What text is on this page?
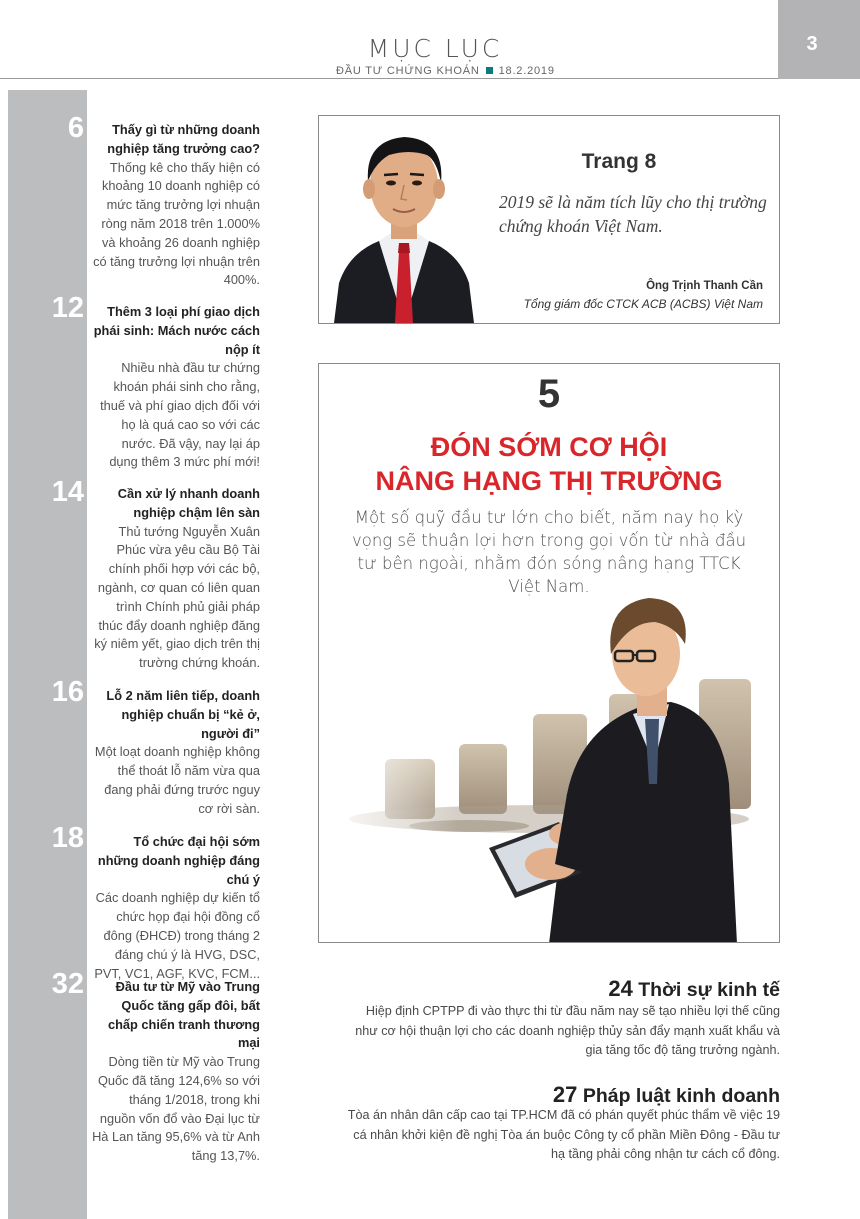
MỤC LỤC
ĐẦU TƯ CHỨNG KHOÁN 18.2.2019
3
6	Thấy gì từ những doanh nghiệp tăng trưởng cao?
Thống kê cho thấy hiện có khoảng 10 doanh nghiệp có mức tăng trưởng lợi nhuận ròng năm 2018 trên 1.000% và khoảng 26 doanh nghiệp có tăng trưởng lợi nhuận trên 400%.
12	Thêm 3 loại phí giao dịch phái sinh: Mách nước cách nộp ít
Nhiều nhà đầu tư chứng khoán phái sinh cho rằng, thuế và phí giao dịch đối với họ là quá cao so với các nước. Đã vậy, nay lại áp dụng thêm 3 mức phí mới!
14	Cần xử lý nhanh doanh nghiệp chậm lên sàn
Thủ tướng Nguyễn Xuân Phúc vừa yêu cầu Bộ Tài chính phối hợp với các bộ, ngành, cơ quan có liên quan trình Chính phủ giải pháp thúc đẩy doanh nghiệp đăng ký niêm yết, giao dịch trên thị trường chứng khoán.
16	Lỗ 2 năm liên tiếp, doanh nghiệp chuẩn bị “kẻ ở, người đi”
Một loạt doanh nghiệp không thể thoát lỗ năm vừa qua đang phải đứng trước nguy cơ rời sàn.
18	Tổ chức đại hội sớm những doanh nghiệp đáng chú ý
Các doanh nghiệp dự kiến tổ chức họp đại hội đồng cổ đông (ĐHCĐ) trong tháng 2 đáng chú ý là HVG, DSC, PVT, VC1, AGF, KVC, FCM...
32	Đầu tư từ Mỹ vào Trung Quốc tăng gấp đôi, bất chấp chiến tranh thương mại
Dòng tiền từ Mỹ vào Trung Quốc đã tăng 124,6% so với tháng 1/2018, trong khi nguồn vốn đổ vào Đại lục từ Hà Lan tăng 95,6% và từ Anh tăng 13,7%.
Trang 8
2019 sẽ là năm tích lũy cho thị trường chứng khoán Việt Nam.
Ông Trịnh Thanh Cần
Tổng giám đốc CTCK ACB (ACBS) Việt Nam
5
ĐÓN SỚM CƠ HỘI
NÂNG HẠNG THỊ TRƯỜNG
Một số quỹ đầu tư lớn cho biết, năm nay họ kỳ vọng sẽ thuận lợi hơn trong gọi vốn từ nhà đầu tư bên ngoài, nhằm đón sóng nâng hạng TTCK Việt Nam.
24 Thời sự kinh tế
Hiệp định CPTPP đi vào thực thi từ đầu năm nay sẽ tạo nhiều lợi thế cũng như cơ hội thuận lợi cho các doanh nghiệp thủy sản đẩy mạnh xuất khẩu và gia tăng tốc độ tăng trưởng ngành.
27 Pháp luật kinh doanh
Tòa án nhân dân cấp cao tại TP.HCM đã có phán quyết phúc thẩm về việc 19 cá nhân khởi kiện đề nghị Tòa án buộc Công ty cổ phần Miền Đông - Đầu tư hạ tầng phải công nhận tư cách cổ đông.
